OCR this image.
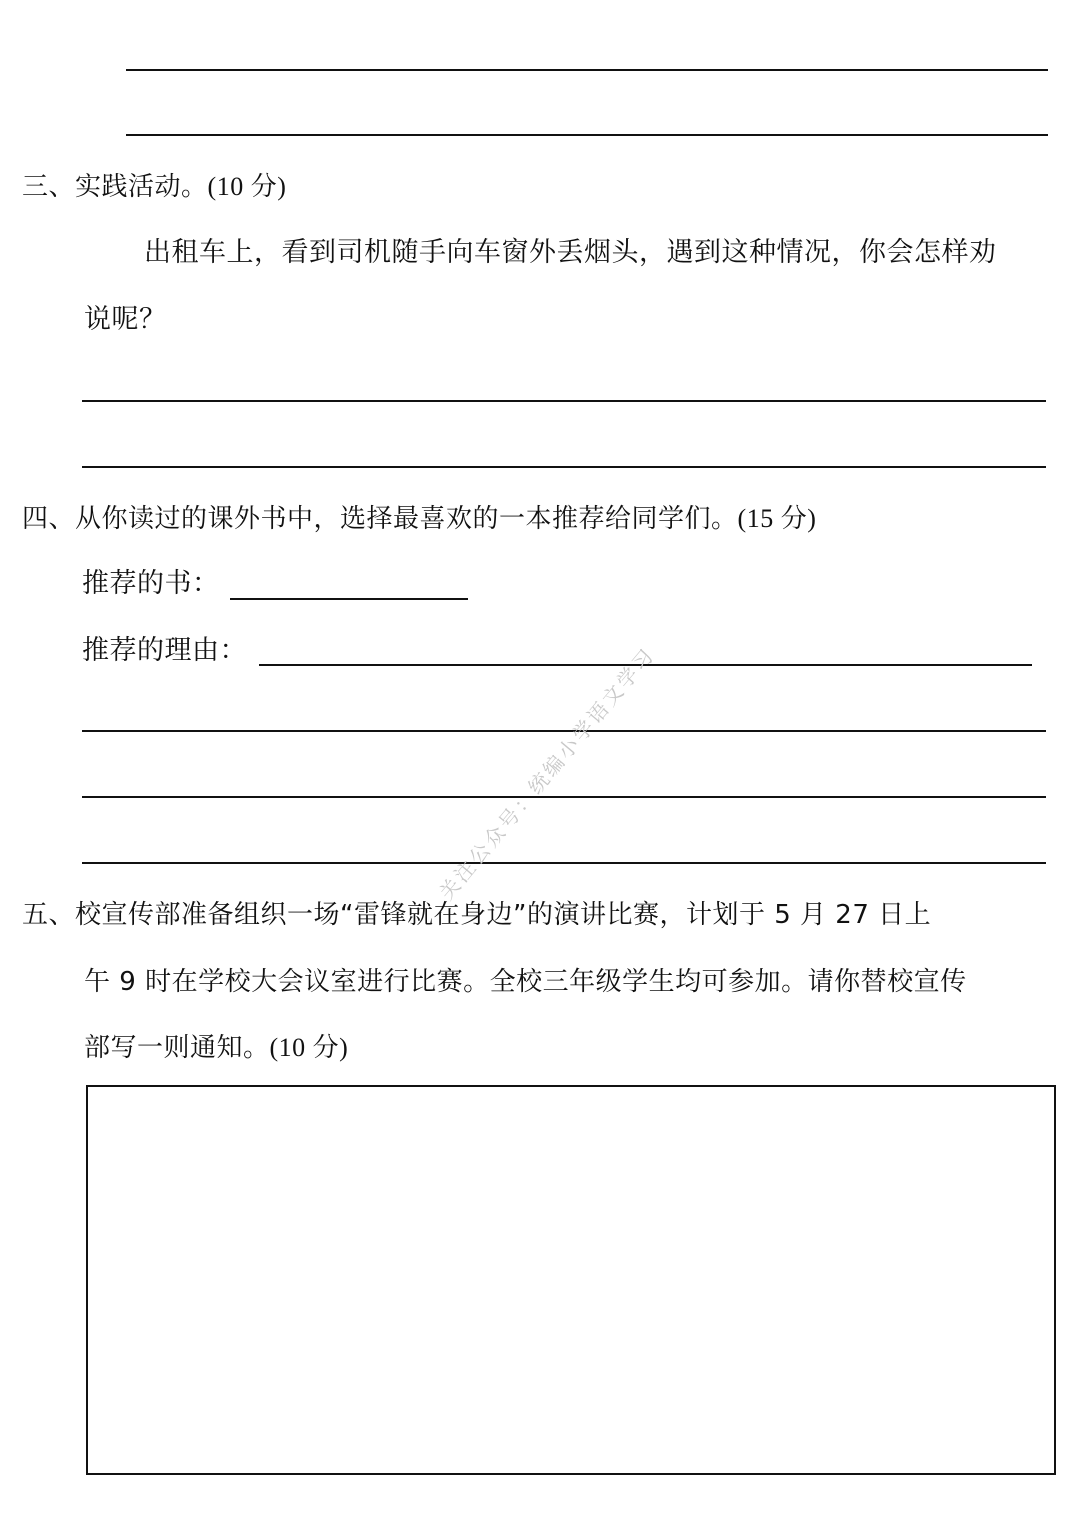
三、实践活动。(10 分)
出租车上，看到司机随手向车窗外丢烟头，遇到这种情况，你会怎样劝
说呢？
四、从你读过的课外书中，选择最喜欢的一本推荐给同学们。(15 分)
推荐的书：
推荐的理由：	关注公众号：统编小学语文学习
五、校宣传部准备组织一场“雷锋就在身边”的演讲比赛，计划于 5 月 27 日上
午 9 时在学校大会议室进行比赛。全校三年级学生均可参加。请你替校宣传
部写一则通知。(10 分)
